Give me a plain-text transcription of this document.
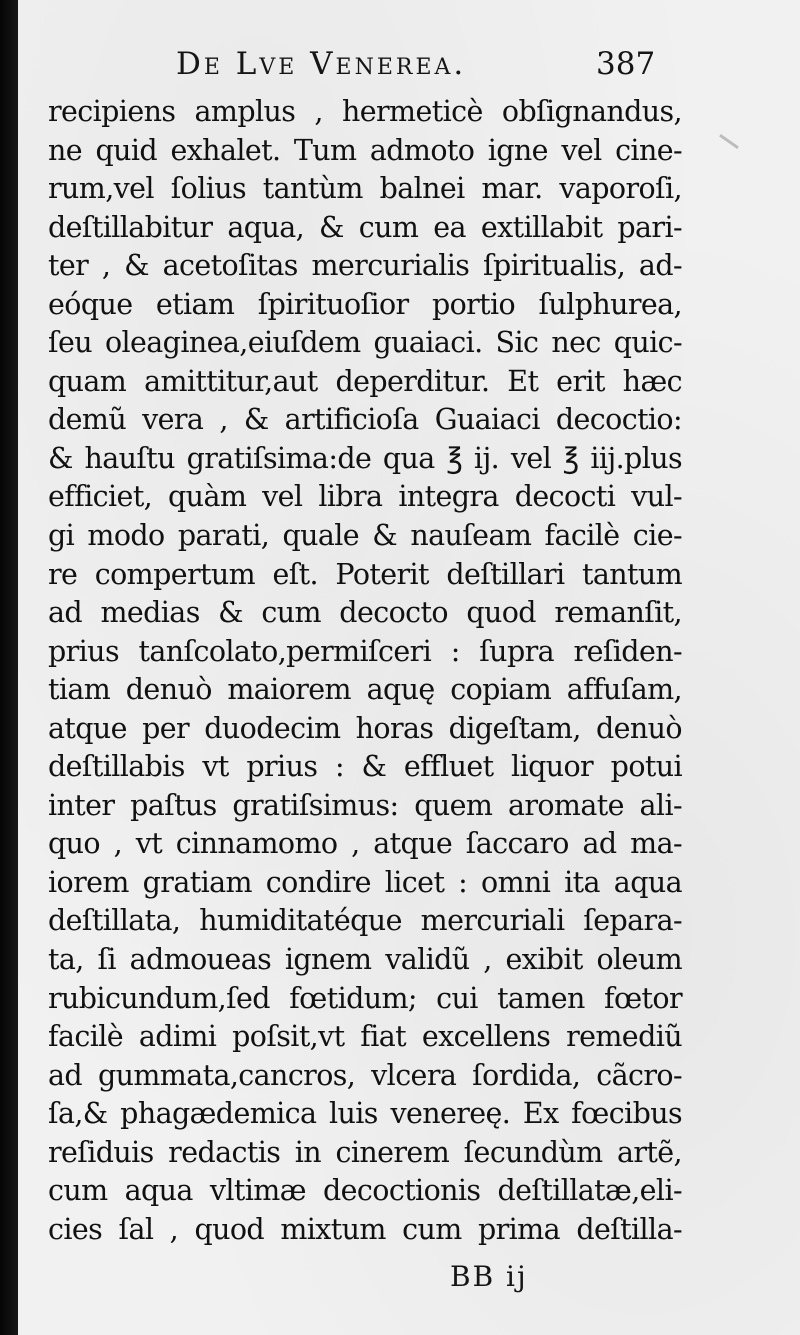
De Lve Venerea.	387
recipiens amplus , hermeticè obſignandus,
ne quid exhalet. Tum admoto igne vel cine-
rum,vel ſolius tantùm balnei mar. vaporoſi,
deſtillabitur aqua, & cum ea extillabit pari-
ter , & acetoſitas mercurialis ſpiritualis, ad-
eóque etiam ſpirituoſior portio ſulphurea,
ſeu oleaginea,eiuſdem guaiaci. Sic nec quic-
quam amittitur,aut deperditur. Et erit hæc
demũ vera , & artificioſa Guaiaci decoctio:
& hauſtu gratiſsima:de qua ℥ ij. vel ℥ iij.plus
efficiet, quàm vel libra integra decocti vul-
gi modo parati, quale & nauſeam facilè cie-
re compertum eſt. Poterit deſtillari tantum
ad medias & cum decocto quod remanſit,
prius tanſcolato,permiſceri : ſupra reſiden-
tiam denuò maiorem aquę copiam affuſam,
atque per duodecim horas digeſtam, denuò
deſtillabis vt prius : & effluet liquor potui
inter paſtus gratiſsimus: quem aromate ali-
quo , vt cinnamomo , atque ſaccaro ad ma-
iorem gratiam condire licet : omni ita aqua
deſtillata, humiditatéque mercuriali ſepara-
ta, ſi admoueas ignem validũ , exibit oleum
rubicundum,ſed fœtidum; cui tamen fœtor
facilè adimi poſsit,vt fiat excellens remediũ
ad gummata,cancros, vlcera ſordida, cãcro-
ſa,& phagædemica luis venereę. Ex fœcibus
reſiduis redactis in cinerem ſecundùm artẽ,
cum aqua vltimæ decoctionis deſtillatæ,eli-
cies ſal , quod mixtum cum prima deſtilla-
BB ij
